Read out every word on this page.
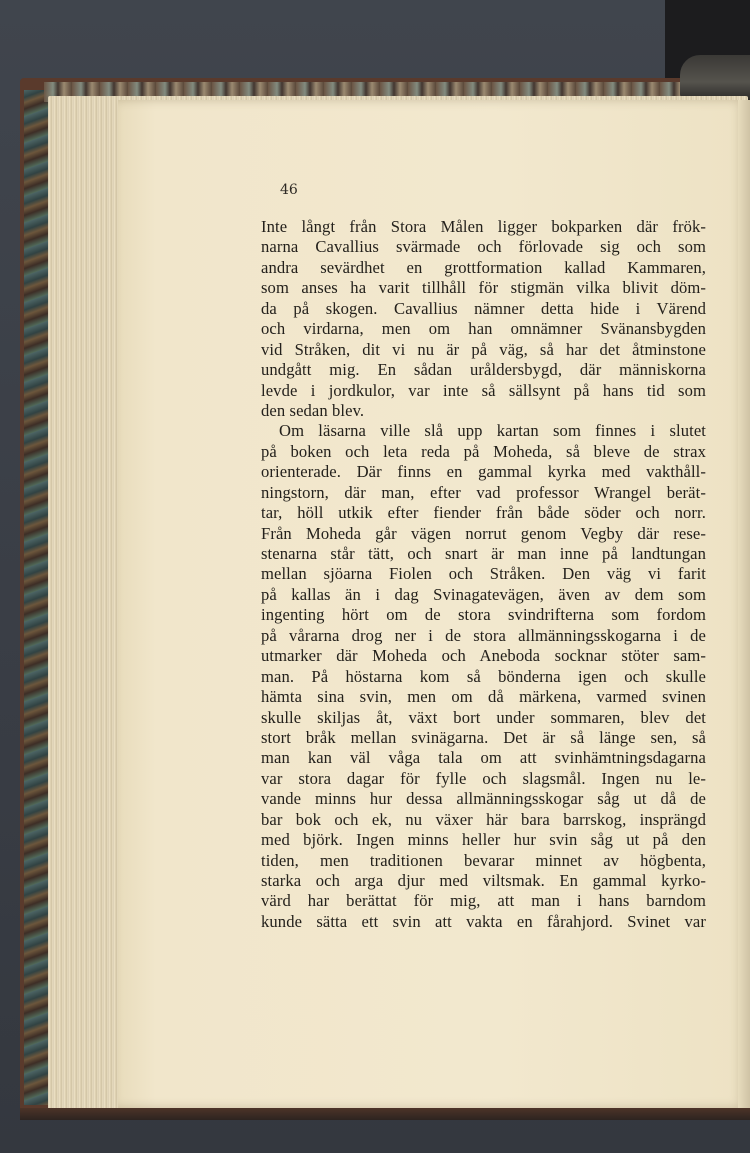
46
Inte långt från Stora Målen ligger bokparken där frök-
narna Cavallius svärmade och förlovade sig och som
andra sevärdhet en grottformation kallad Kammaren,
som anses ha varit tillhåll för stigmän vilka blivit döm-
da på skogen. Cavallius nämner detta hide i Värend
och virdarna, men om han omnämner Svänansbygden
vid Stråken, dit vi nu är på väg, så har det åtminstone
undgått mig. En sådan uråldersbygd, där människorna
levde i jordkulor, var inte så sällsynt på hans tid som
den sedan blev.
Om läsarna ville slå upp kartan som finnes i slutet
på boken och leta reda på Moheda, så bleve de strax
orienterade. Där finns en gammal kyrka med vakthåll-
ningstorn, där man, efter vad professor Wrangel berät-
tar, höll utkik efter fiender från både söder och norr.
Från Moheda går vägen norrut genom Vegby där rese-
stenarna står tätt, och snart är man inne på landtungan
mellan sjöarna Fiolen och Stråken. Den väg vi farit
på kallas än i dag Svinagatevägen, även av dem som
ingenting hört om de stora svindrifterna som fordom
på vårarna drog ner i de stora allmänningsskogarna i de
utmarker där Moheda och Aneboda socknar stöter sam-
man. På höstarna kom så bönderna igen och skulle
hämta sina svin, men om då märkena, varmed svinen
skulle skiljas åt, växt bort under sommaren, blev det
stort bråk mellan svinägarna. Det är så länge sen, så
man kan väl våga tala om att svinhämtningsdagarna
var stora dagar för fylle och slagsmål. Ingen nu le-
vande minns hur dessa allmänningsskogar såg ut då de
bar bok och ek, nu växer här bara barrskog, insprängd
med björk. Ingen minns heller hur svin såg ut på den
tiden, men traditionen bevarar minnet av högbenta,
starka och arga djur med viltsmak. En gammal kyrko-
värd har berättat för mig, att man i hans barndom
kunde sätta ett svin att vakta en fårahjord. Svinet var
